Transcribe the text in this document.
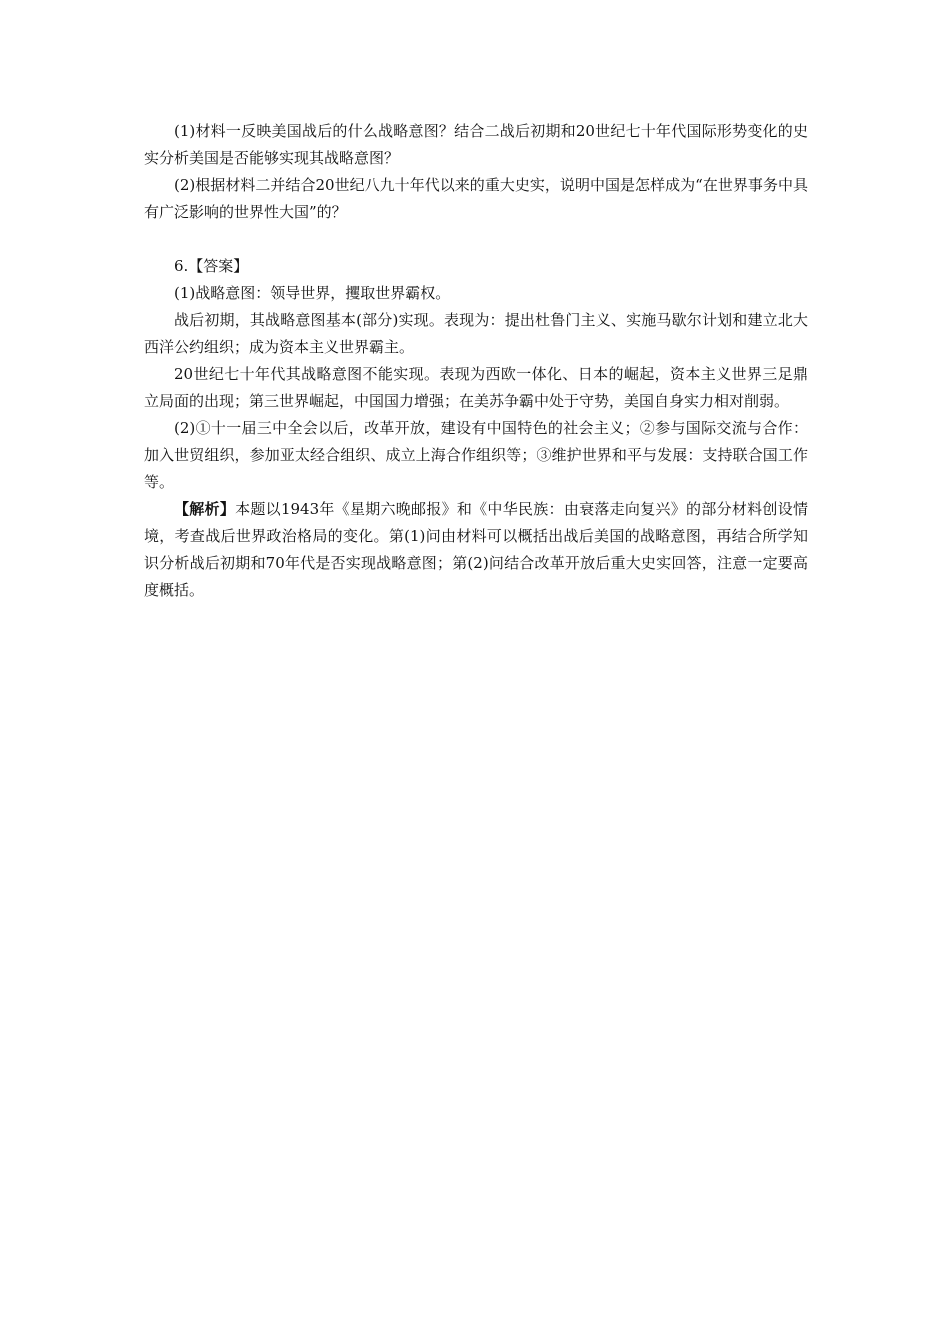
(1)材料一反映美国战后的什么战略意图？结合二战后初期和20世纪七十年代国际形势变化的史实分析美国是否能够实现其战略意图？

(2)根据材料二并结合20世纪八九十年代以来的重大史实，说明中国是怎样成为“在世界事务中具有广泛影响的世界性大国”的？

6.【答案】

(1)战略意图：领导世界，攫取世界霸权。

战后初期，其战略意图基本(部分)实现。表现为：提出杜鲁门主义、实施马歇尔计划和建立北大西洋公约组织；成为资本主义世界霸主。

20世纪七十年代其战略意图不能实现。表现为西欧一体化、日本的崛起，资本主义世界三足鼎立局面的出现；第三世界崛起，中国国力增强；在美苏争霸中处于守势，美国自身实力相对削弱。

(2)①十一届三中全会以后，改革开放，建设有中国特色的社会主义；②参与国际交流与合作：加入世贸组织，参加亚太经合组织、成立上海合作组织等；③维护世界和平与发展：支持联合国工作等。

【解析】本题以1943年《星期六晚邮报》和《中华民族：由衰落走向复兴》的部分材料创设情境，考查战后世界政治格局的变化。第(1)问由材料可以概括出战后美国的战略意图，再结合所学知识分析战后初期和70年代是否实现战略意图；第(2)问结合改革开放后重大史实回答，注意一定要高度概括。
